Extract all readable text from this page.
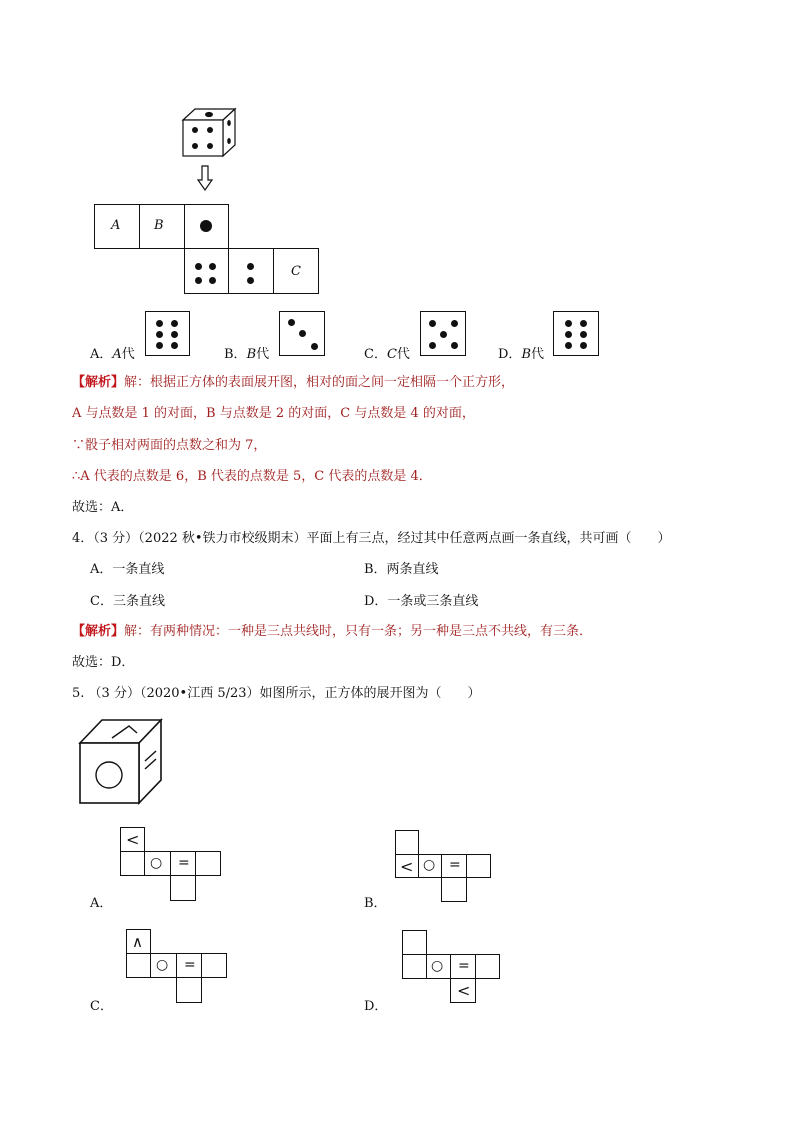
A	B
C
A．A代	B．B代	C．C代	D．B代
【解析】解：根据正方体的表面展开图，相对的面之间一定相隔一个正方形，
A 与点数是 1 的对面，B 与点数是 2 的对面，C 与点数是 4 的对面，
∵骰子相对两面的点数之和为 7，
∴A 代表的点数是 6，B 代表的点数是 5，C 代表的点数是 4．
故选：A．
4．（3 分）（2022 秋•铁力市校级期末）平面上有三点，经过其中任意两点画一条直线，共可画（　　）
A．一条直线	B．两条直线
C．三条直线	D．一条或三条直线
【解析】解：有两种情况：一种是三点共线时，只有一条；另一种是三点不共线，有三条．
故选：D．
5. （3 分）（2020•江西 5/23）如图所示，正方体的展开图为（　　）
<
○ =
A．
< ○ =
B．
∧
○ =
C．
○ =
<
D．
